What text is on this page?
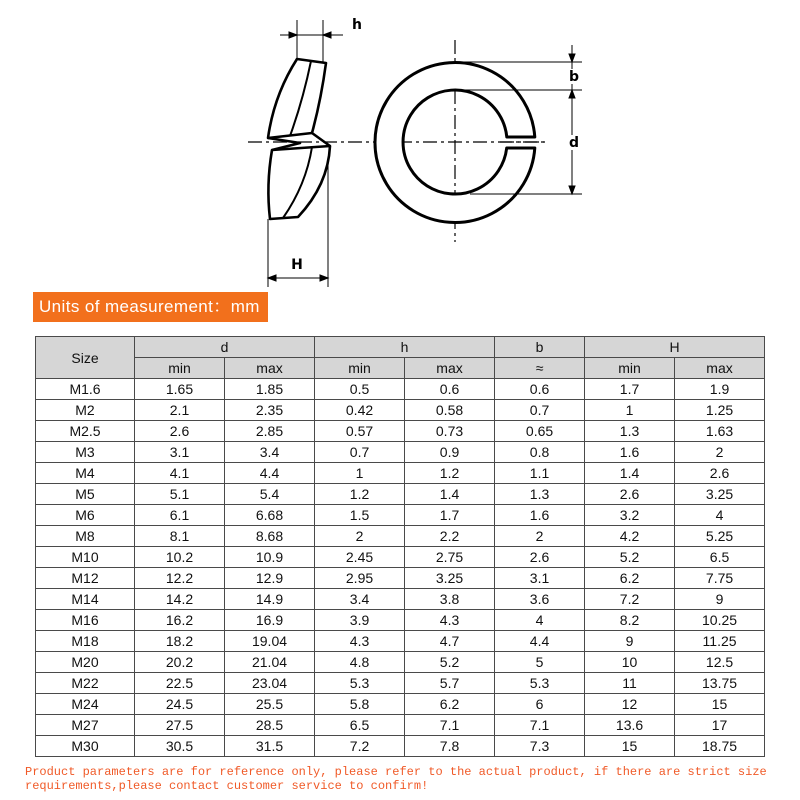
h
H
b
d
Units of measurement：mm
Size	d		h		b	H	
	min	max	min	max	≈	min	max
M1.6	1.65	1.85	0.5	0.6	0.6	1.7	1.9
M2	2.1	2.35	0.42	0.58	0.7	1	1.25
M2.5	2.6	2.85	0.57	0.73	0.65	1.3	1.63
M3	3.1	3.4	0.7	0.9	0.8	1.6	2
M4	4.1	4.4	1	1.2	1.1	1.4	2.6
M5	5.1	5.4	1.2	1.4	1.3	2.6	3.25
M6	6.1	6.68	1.5	1.7	1.6	3.2	4
M8	8.1	8.68	2	2.2	2	4.2	5.25
M10	10.2	10.9	2.45	2.75	2.6	5.2	6.5
M12	12.2	12.9	2.95	3.25	3.1	6.2	7.75
M14	14.2	14.9	3.4	3.8	3.6	7.2	9
M16	16.2	16.9	3.9	4.3	4	8.2	10.25
M18	18.2	19.04	4.3	4.7	4.4	9	11.25
M20	20.2	21.04	4.8	5.2	5	10	12.5
M22	22.5	23.04	5.3	5.7	5.3	11	13.75
M24	24.5	25.5	5.8	6.2	6	12	15
M27	27.5	28.5	6.5	7.1	7.1	13.6	17
M30	30.5	31.5	7.2	7.8	7.3	15	18.75
Product parameters are for reference only, please refer to the actual product, if there are strict size
requirements,please contact customer service to confirm!
